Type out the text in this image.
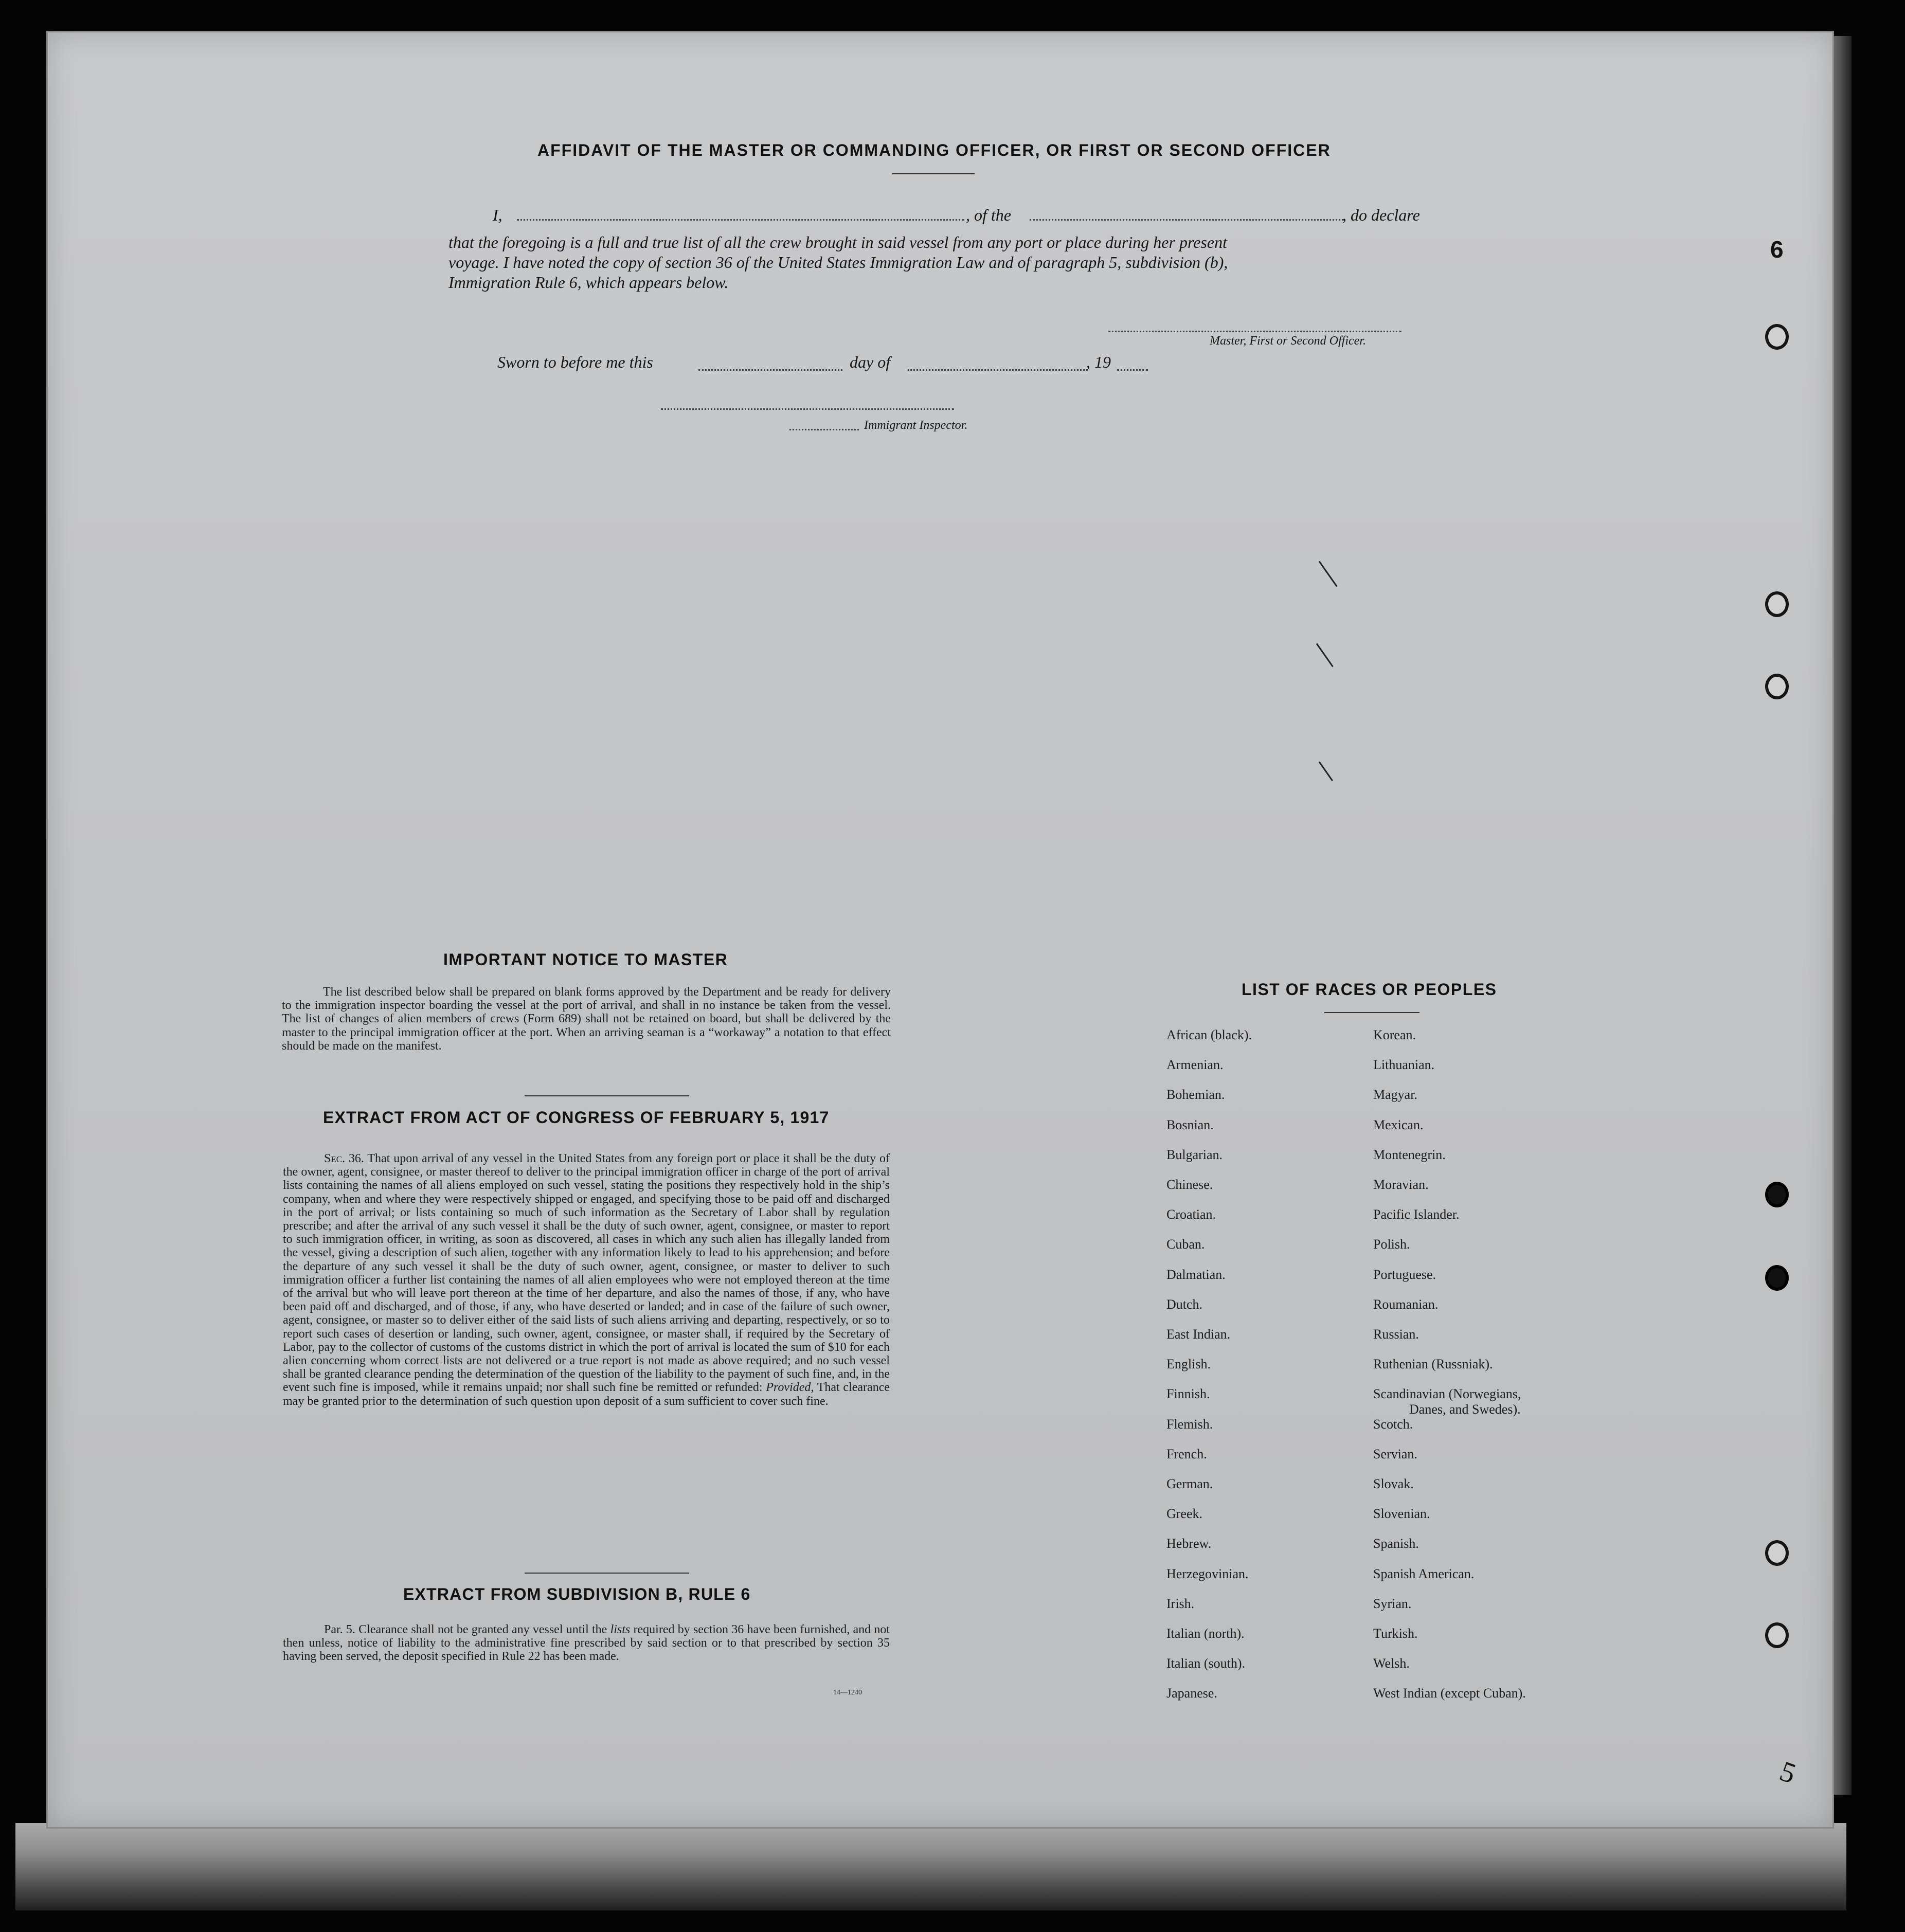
6
5
AFFIDAVIT OF THE MASTER OR COMMANDING OFFICER, OR FIRST OR SECOND OFFICER
I,	, of the	, do declare
that the foregoing is a full and true list of all the crew brought in said vessel from any port or place during her present
voyage. I have noted the copy of section 36 of the United States Immigration Law and of paragraph 5, subdivision (b),
Immigration Rule 6, which appears below.
Master, First or Second Officer.
Sworn to before me this	day of	, 19
Immigrant Inspector.
IMPORTANT NOTICE TO MASTER
The list described below shall be prepared on blank forms approved by the Department and be ready for delivery to the immigration inspector boarding the vessel at the port of arrival, and shall in no instance be taken from the vessel. The list of changes of alien members of crews (Form 689) shall not be retained on board, but shall be delivered by the master to the principal immigration officer at the port. When an arriving seaman is a “workaway” a notation to that effect should be made on the manifest.
EXTRACT FROM ACT OF CONGRESS OF FEBRUARY 5, 1917
Sec. 36. That upon arrival of any vessel in the United States from any foreign port or place it shall be the duty of the owner, agent, consignee, or master thereof to deliver to the principal immigration officer in charge of the port of arrival lists containing the names of all aliens employed on such vessel, stating the positions they respectively hold in the ship’s company, when and where they were respectively shipped or engaged, and specifying those to be paid off and discharged in the port of arrival; or lists containing so much of such information as the Secretary of Labor shall by regulation prescribe; and after the arrival of any such vessel it shall be the duty of such owner, agent, consignee, or master to report to such immigration officer, in writing, as soon as discovered, all cases in which any such alien has illegally landed from the vessel, giving a description of such alien, together with any information likely to lead to his apprehension; and before the departure of any such vessel it shall be the duty of such owner, agent, consignee, or master to deliver to such immigration officer a further list containing the names of all alien employees who were not employed thereon at the time of the arrival but who will leave port thereon at the time of her departure, and also the names of those, if any, who have been paid off and discharged, and of those, if any, who have deserted or landed; and in case of the failure of such owner, agent, consignee, or master so to deliver either of the said lists of such aliens arriving and departing, respectively, or so to report such cases of desertion or landing, such owner, agent, consignee, or master shall, if required by the Secretary of Labor, pay to the collector of customs of the customs district in which the port of arrival is located the sum of $10 for each alien concerning whom correct lists are not delivered or a true report is not made as above required; and no such vessel shall be granted clearance pending the determination of the question of the liability to the payment of such fine, and, in the event such fine is imposed, while it remains unpaid; nor shall such fine be remitted or refunded: Provided, That clearance may be granted prior to the determination of such question upon deposit of a sum sufficient to cover such fine.
EXTRACT FROM SUBDIVISION B, RULE 6
Par. 5. Clearance shall not be granted any vessel until the lists required by section 36 have been furnished, and not then unless, notice of liability to the administrative fine prescribed by said section or to that prescribed by section 35 having been served, the deposit specified in Rule 22 has been made.
14—1240
LIST OF RACES OR PEOPLES
African (black).
Armenian.
Bohemian.
Bosnian.
Bulgarian.
Chinese.
Croatian.
Cuban.
Dalmatian.
Dutch.
East Indian.
English.
Finnish.
Flemish.
French.
German.
Greek.
Hebrew.
Herzegovinian.
Irish.
Italian (north).
Italian (south).
Japanese.
Korean.
Lithuanian.
Magyar.
Mexican.
Montenegrin.
Moravian.
Pacific Islander.
Polish.
Portuguese.
Roumanian.
Russian.
Ruthenian (Russniak).
Scandinavian (Norwegians,
Scotch.
Servian.
Slovak.
Slovenian.
Spanish.
Spanish American.
Syrian.
Turkish.
Welsh.
West Indian (except Cuban).
Danes, and Swedes).
